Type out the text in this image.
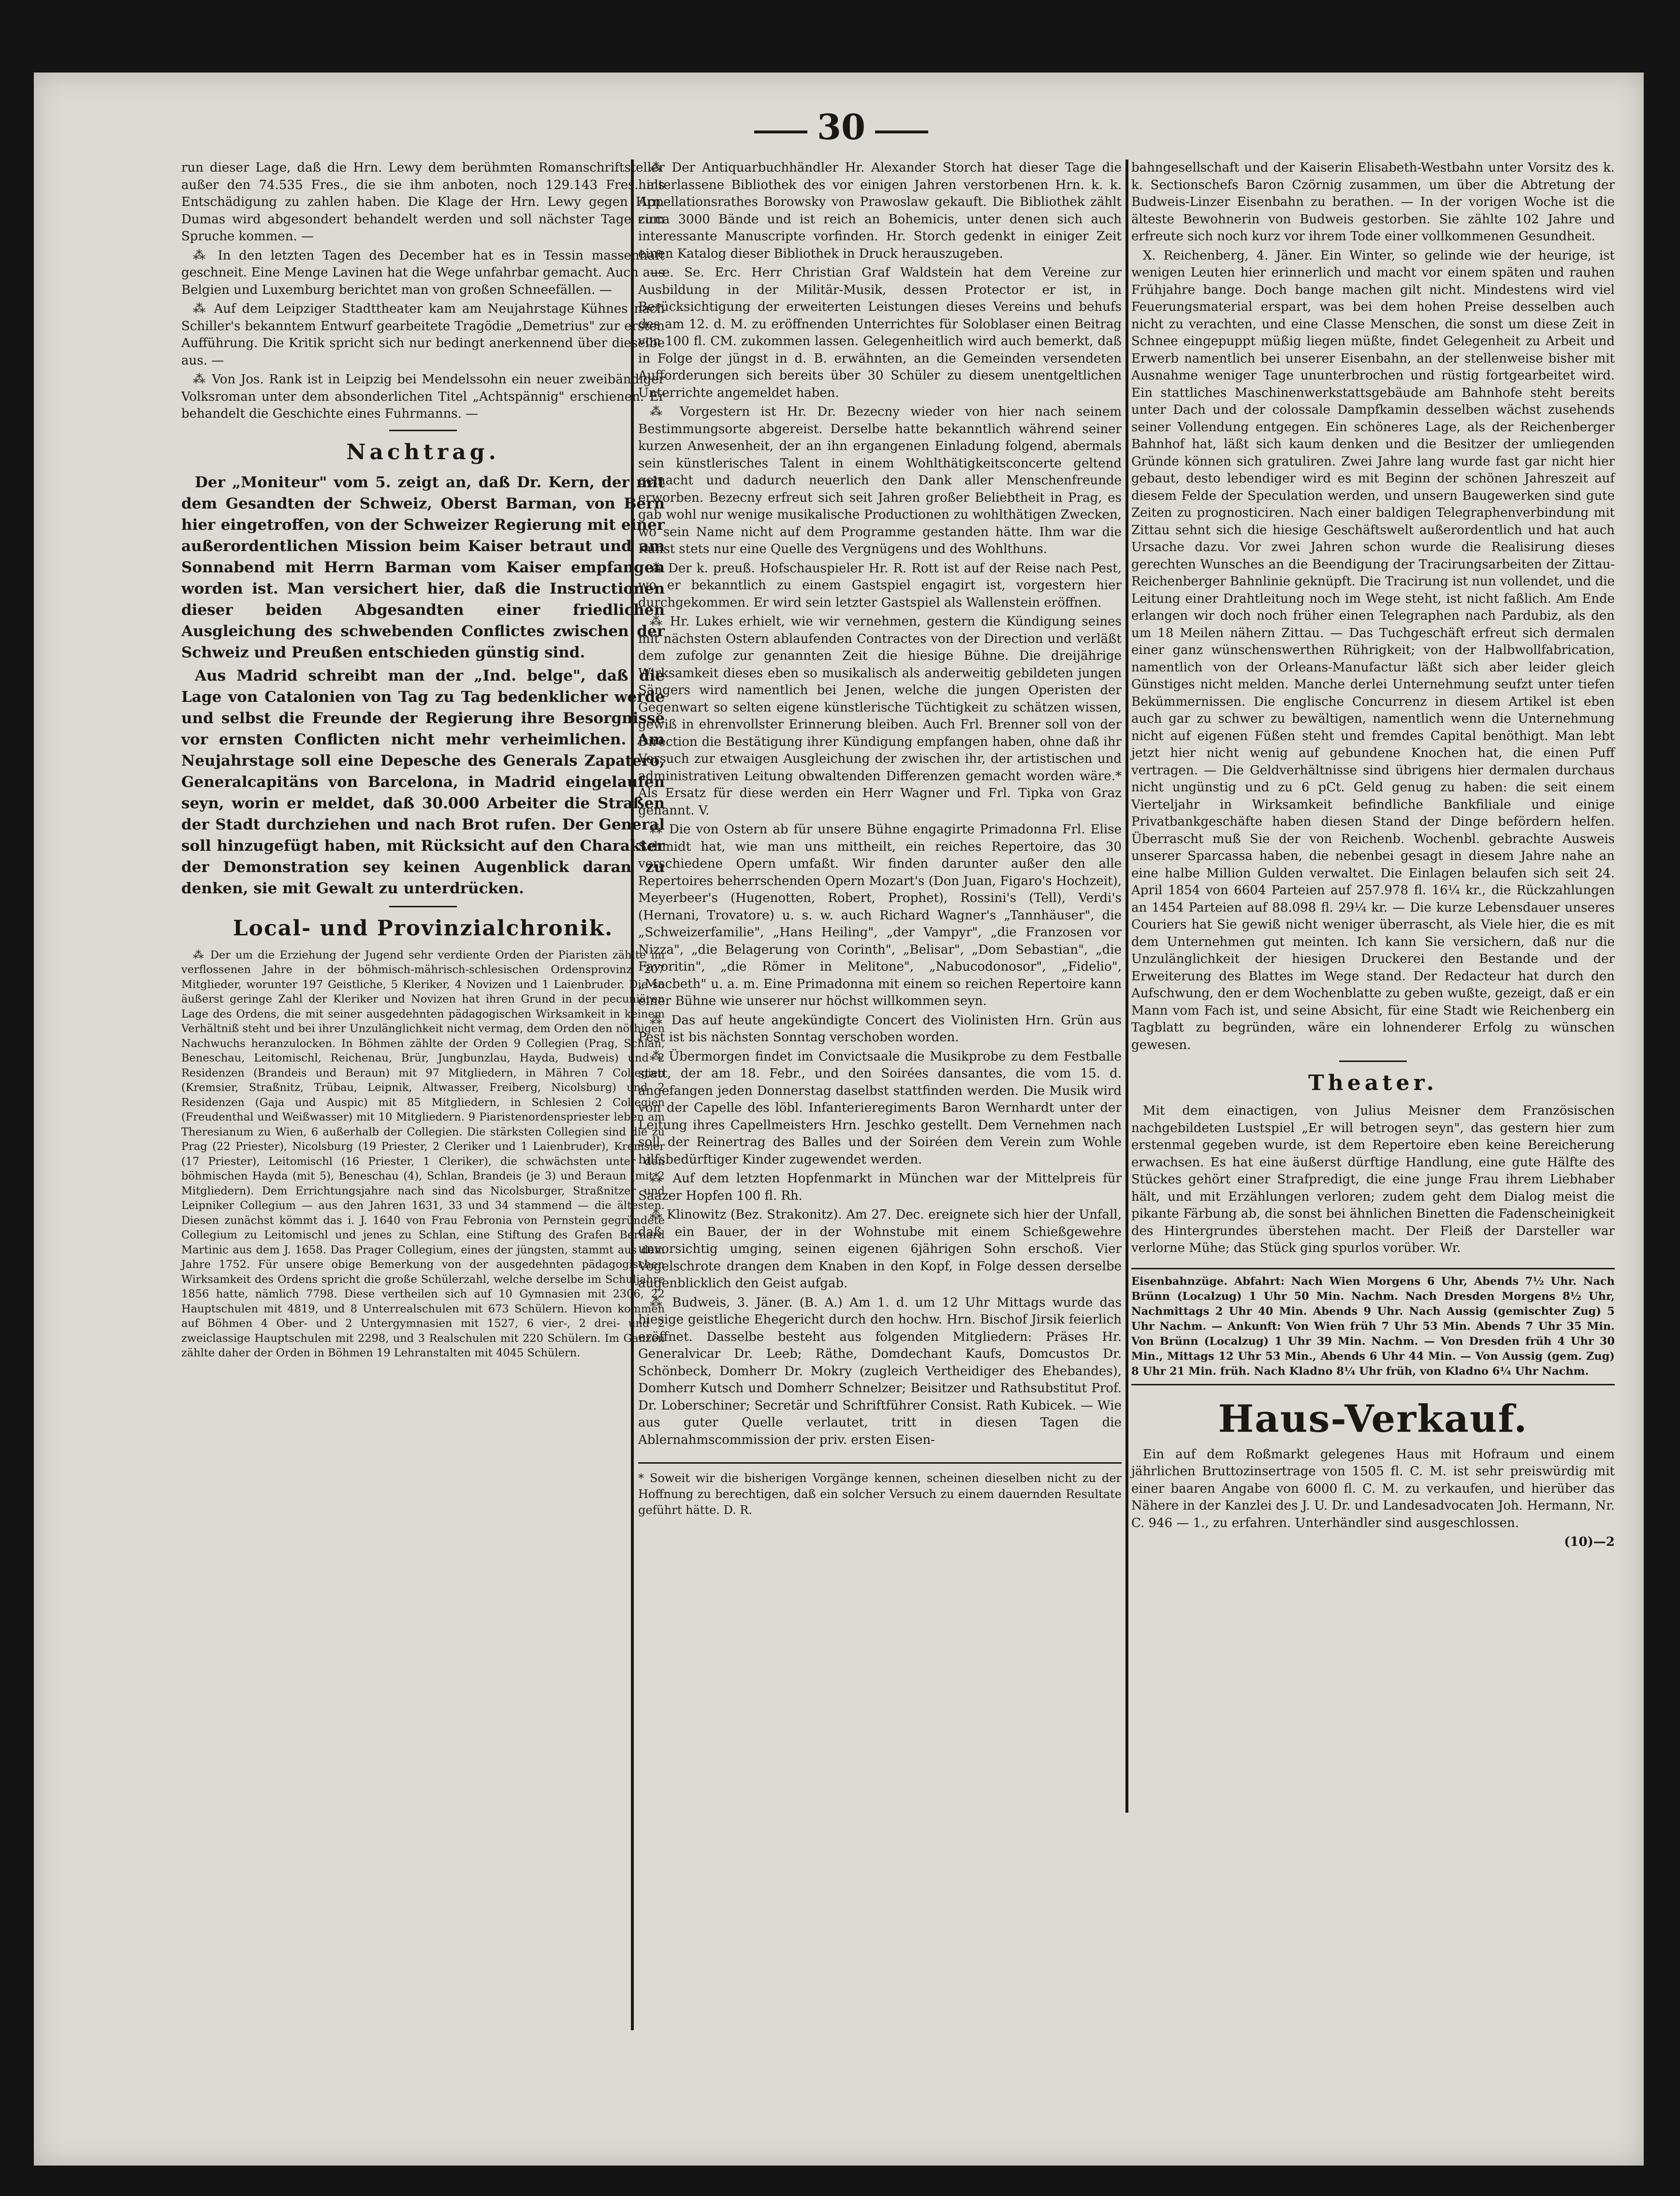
30

run dieser Lage, daß die Hrn. Lewy dem berühmten Romanschriftsteller außer den 74.535 Fres., die sie ihm anboten, noch 129.143 Fres. als Entschädigung zu zahlen haben. Die Klage der Hrn. Lewy gegen Hrn. Dumas wird abgesondert behandelt werden und soll nächster Tage zum Spruche kommen. —

⁂ In den letzten Tagen des December hat es in Tessin massenhaft geschneit. Eine Menge Lavinen hat die Wege unfahrbar gemacht. Auch aus Belgien und Luxemburg berichtet man von großen Schneefällen. —

⁂ Auf dem Leipziger Stadttheater kam am Neujahrstage Kühnes nach Schiller's bekanntem Entwurf gearbeitete Tragödie „Demetrius" zur ersten Aufführung. Die Kritik spricht sich nur bedingt anerkennend über dieselbe aus. —

⁂ Von Jos. Rank ist in Leipzig bei Mendelssohn ein neuer zweibändiger Volksroman unter dem absonderlichen Titel „Achtspännig" erschienen. Er behandelt die Geschichte eines Fuhrmanns. —

Nachtrag.

Der „Moniteur" vom 5. zeigt an, daß Dr. Kern, der mit dem Gesandten der Schweiz, Oberst Barman, von Bern hier eingetroffen, von der Schweizer Regierung mit einer außerordentlichen Mission beim Kaiser betraut und am Sonnabend mit Herrn Barman vom Kaiser empfangen worden ist. Man versichert hier, daß die Instructionen dieser beiden Abgesandten einer friedlichen Ausgleichung des schwebenden Conflictes zwischen der Schweiz und Preußen entschieden günstig sind.

Aus Madrid schreibt man der „Ind. belge", daß die Lage von Catalonien von Tag zu Tag bedenklicher werde und selbst die Freunde der Regierung ihre Besorgnisse vor ernsten Conflicten nicht mehr verheimlichen. Am Neujahrstage soll eine Depesche des Generals Zapatero, Generalcapitäns von Barcelona, in Madrid eingelaufen seyn, worin er meldet, daß 30.000 Arbeiter die Straßen der Stadt durchziehen und nach Brot rufen. Der General soll hinzugefügt haben, mit Rücksicht auf den Charakter der Demonstration sey keinen Augenblick daran zu denken, sie mit Gewalt zu unterdrücken.

Local- und Provinzialchronik.

⁂ Der um die Erziehung der Jugend sehr verdiente Orden der Piaristen zählte im verflossenen Jahre in der böhmisch-mährisch-schlesischen Ordensprovinz 207 Mitglieder, worunter 197 Geistliche, 5 Kleriker, 4 Novizen und 1 Laienbruder. Die so äußerst geringe Zahl der Kleriker und Novizen hat ihren Grund in der pecuniären Lage des Ordens, die mit seiner ausgedehnten pädagogischen Wirksamkeit in keinem Verhältniß steht und bei ihrer Unzulänglichkeit nicht vermag, dem Orden den nöthigen Nachwuchs heranzulocken. In Böhmen zählte der Orden 9 Collegien (Prag, Schlan, Beneschau, Leitomischl, Reichenau, Brür, Jungbunzlau, Hayda, Budweis) und 2 Residenzen (Brandeis und Beraun) mit 97 Mitgliedern, in Mähren 7 Collegien (Kremsier, Straßnitz, Trübau, Leipnik, Altwasser, Freiberg, Nicolsburg) und 2 Residenzen (Gaja und Auspic) mit 85 Mitgliedern, in Schlesien 2 Collegien (Freudenthal und Weißwasser) mit 10 Mitgliedern. 9 Piaristenordenspriester leben am Theresianum zu Wien, 6 außerhalb der Collegien. Die stärksten Collegien sind die zu Prag (22 Priester), Nicolsburg (19 Priester, 2 Cleriker und 1 Laienbruder), Kremsier (17 Priester), Leitomischl (16 Priester, 1 Cleriker), die schwächsten unter den böhmischen Hayda (mit 5), Beneschau (4), Schlan, Brandeis (je 3) und Beraun (mit 2 Mitgliedern). Dem Errichtungsjahre nach sind das Nicolsburger, Straßnitzer und Leipniker Collegium — aus den Jahren 1631, 33 und 34 stammend — die ältesten. Diesen zunächst kömmt das i. J. 1640 von Frau Febronia von Pernstein gegründete Collegium zu Leitomischl und jenes zu Schlan, eine Stiftung des Grafen Bernard Martinic aus dem J. 1658. Das Prager Collegium, eines der jüngsten, stammt aus dem Jahre 1752. Für unsere obige Bemerkung von der ausgedehnten pädagogischen Wirksamkeit des Ordens spricht die große Schülerzahl, welche derselbe im Schuljahre 1856 hatte, nämlich 7798. Diese vertheilen sich auf 10 Gymnasien mit 2306, 22 Hauptschulen mit 4819, und 8 Unterrealschulen mit 673 Schülern. Hievon kommen auf Böhmen 4 Ober- und 2 Untergymnasien mit 1527, 6 vier-, 2 drei- und 2 zweiclassige Hauptschulen mit 2298, und 3 Realschulen mit 220 Schülern. Im Ganzen zählte daher der Orden in Böhmen 19 Lehranstalten mit 4045 Schülern.

⁂ Der Antiquarbuchhändler Hr. Alexander Storch hat dieser Tage die hinterlassene Bibliothek des vor einigen Jahren verstorbenen Hrn. k. k. Appellationsrathes Borowsky von Prawoslaw gekauft. Die Bibliothek zählt circa 3000 Bände und ist reich an Bohemicis, unter denen sich auch interessante Manuscripte vorfinden. Hr. Storch gedenkt in einiger Zeit einen Katalog dieser Bibliothek in Druck herauszugeben.

—e. Se. Erc. Herr Christian Graf Waldstein hat dem Vereine zur Ausbildung in der Militär-Musik, dessen Protector er ist, in Berücksichtigung der erweiterten Leistungen dieses Vereins und behufs des am 12. d. M. zu eröffnenden Unterrichtes für Soloblaser einen Beitrag von 100 fl. CM. zukommen lassen. Gelegenheitlich wird auch bemerkt, daß in Folge der jüngst in d. B. erwähnten, an die Gemeinden versendeten Aufforderungen sich bereits über 30 Schüler zu diesem unentgeltlichen Unterrichte angemeldet haben.

⁂ Vorgestern ist Hr. Dr. Bezecny wieder von hier nach seinem Bestimmungsorte abgereist. Derselbe hatte bekanntlich während seiner kurzen Anwesenheit, der an ihn ergangenen Einladung folgend, abermals sein künstlerisches Talent in einem Wohlthätigkeitsconcerte geltend gemacht und dadurch neuerlich den Dank aller Menschenfreunde erworben. Bezecny erfreut sich seit Jahren großer Beliebtheit in Prag, es gab wohl nur wenige musikalische Productionen zu wohlthätigen Zwecken, wo sein Name nicht auf dem Programme gestanden hätte. Ihm war die Kunst stets nur eine Quelle des Vergnügens und des Wohlthuns.

⁂ Der k. preuß. Hofschauspieler Hr. R. Rott ist auf der Reise nach Pest, wo er bekanntlich zu einem Gastspiel engagirt ist, vorgestern hier durchgekommen. Er wird sein letzter Gastspiel als Wallenstein eröffnen.

⁂ Hr. Lukes erhielt, wie wir vernehmen, gestern die Kündigung seines mit nächsten Ostern ablaufenden Contractes von der Direction und verläßt dem zufolge zur genannten Zeit die hiesige Bühne. Die dreijährige Wirksamkeit dieses eben so musikalisch als anderweitig gebildeten jungen Sängers wird namentlich bei Jenen, welche die jungen Operisten der Gegenwart so selten eigene künstlerische Tüchtigkeit zu schätzen wissen, gewiß in ehrenvollster Erinnerung bleiben. Auch Frl. Brenner soll von der Direction die Bestätigung ihrer Kündigung empfangen haben, ohne daß ihr Versuch zur etwaigen Ausgleichung der zwischen ihr, der artistischen und administrativen Leitung obwaltenden Differenzen gemacht worden wäre.* Als Ersatz für diese werden ein Herr Wagner und Frl. Tipka von Graz genannt. V.

⁂ Die von Ostern ab für unsere Bühne engagirte Primadonna Frl. Elise Schmidt hat, wie man uns mittheilt, ein reiches Repertoire, das 30 verschiedene Opern umfaßt. Wir finden darunter außer den alle Repertoires beherrschenden Opern Mozart's (Don Juan, Figaro's Hochzeit), Meyerbeer's (Hugenotten, Robert, Prophet), Rossini's (Tell), Verdi's (Hernani, Trovatore) u. s. w. auch Richard Wagner's „Tannhäuser", die „Schweizerfamilie", „Hans Heiling", „der Vampyr", „die Franzosen vor Nizza", „die Belagerung von Corinth", „Belisar", „Dom Sebastian", „die Favoritin", „die Römer in Melitone", „Nabucodonosor", „Fidelio", „Macbeth" u. a. m. Eine Primadonna mit einem so reichen Repertoire kann einer Bühne wie unserer nur höchst willkommen seyn.

⁂ Das auf heute angekündigte Concert des Violinisten Hrn. Grün aus Pest ist bis nächsten Sonntag verschoben worden.

⁂ Übermorgen findet im Convictsaale die Musikprobe zu dem Festballe statt, der am 18. Febr., und den Soirées dansantes, die vom 15. d. angefangen jeden Donnerstag daselbst stattfinden werden. Die Musik wird von der Capelle des löbl. Infanterieregiments Baron Wernhardt unter der Leitung ihres Capellmeisters Hrn. Jeschko gestellt. Dem Vernehmen nach soll der Reinertrag des Balles und der Soiréen dem Verein zum Wohle hilfsbedürftiger Kinder zugewendet werden.

⁂ Auf dem letzten Hopfenmarkt in München war der Mittelpreis für Saazer Hopfen 100 fl. Rh.

⁂ Klinowitz (Bez. Strakonitz). Am 27. Dec. ereignete sich hier der Unfall, daß ein Bauer, der in der Wohnstube mit einem Schießgewehre unvorsichtig umging, seinen eigenen 6jährigen Sohn erschoß. Vier Vogelschrote drangen dem Knaben in den Kopf, in Folge dessen derselbe augenblicklich den Geist aufgab.

⁂ Budweis, 3. Jäner. (B. A.) Am 1. d. um 12 Uhr Mittags wurde das hiesige geistliche Ehegericht durch den hochw. Hrn. Bischof Jirsik feierlich eröffnet. Dasselbe besteht aus folgenden Mitgliedern: Präses Hr. Generalvicar Dr. Leeb; Räthe, Domdechant Kaufs, Domcustos Dr. Schönbeck, Domherr Dr. Mokry (zugleich Vertheidiger des Ehebandes), Domherr Kutsch und Domherr Schnelzer; Beisitzer und Rathsubstitut Prof. Dr. Loberschiner; Secretär und Schriftführer Consist. Rath Kubicek. — Wie aus guter Quelle verlautet, tritt in diesen Tagen die Ablernahmscommission der priv. ersten Eisen-

* Soweit wir die bisherigen Vorgänge kennen, scheinen dieselben nicht zu der Hoffnung zu berechtigen, daß ein solcher Versuch zu einem dauernden Resultate geführt hätte. D. R.

bahngesellschaft und der Kaiserin Elisabeth-Westbahn unter Vorsitz des k. k. Sectionschefs Baron Czörnig zusammen, um über die Abtretung der Budweis-Linzer Eisenbahn zu berathen. — In der vorigen Woche ist die älteste Bewohnerin von Budweis gestorben. Sie zählte 102 Jahre und erfreute sich noch kurz vor ihrem Tode einer vollkommenen Gesundheit.

X. Reichenberg, 4. Jäner. Ein Winter, so gelinde wie der heurige, ist wenigen Leuten hier erinnerlich und macht vor einem späten und rauhen Frühjahre bange. Doch bange machen gilt nicht. Mindestens wird viel Feuerungsmaterial erspart, was bei dem hohen Preise desselben auch nicht zu verachten, und eine Classe Menschen, die sonst um diese Zeit in Schnee eingepuppt müßig liegen müßte, findet Gelegenheit zu Arbeit und Erwerb namentlich bei unserer Eisenbahn, an der stellenweise bisher mit Ausnahme weniger Tage ununterbrochen und rüstig fortgearbeitet wird. Ein stattliches Maschinenwerkstattsgebäude am Bahnhofe steht bereits unter Dach und der colossale Dampfkamin desselben wächst zusehends seiner Vollendung entgegen. Ein schöneres Lage, als der Reichenberger Bahnhof hat, läßt sich kaum denken und die Besitzer der umliegenden Gründe können sich gratuliren. Zwei Jahre lang wurde fast gar nicht hier gebaut, desto lebendiger wird es mit Beginn der schönen Jahreszeit auf diesem Felde der Speculation werden, und unsern Baugewerken sind gute Zeiten zu prognosticiren. Nach einer baldigen Telegraphenverbindung mit Zittau sehnt sich die hiesige Geschäftswelt außerordentlich und hat auch Ursache dazu. Vor zwei Jahren schon wurde die Realisirung dieses gerechten Wunsches an die Beendigung der Tracirungsarbeiten der Zittau-Reichenberger Bahnlinie geknüpft. Die Tracirung ist nun vollendet, und die Leitung einer Drahtleitung noch im Wege steht, ist nicht faßlich. Am Ende erlangen wir doch noch früher einen Telegraphen nach Pardubiz, als den um 18 Meilen nähern Zittau. — Das Tuchgeschäft erfreut sich dermalen einer ganz wünschenswerthen Rührigkeit; von der Halbwollfabrication, namentlich von der Orleans-Manufactur läßt sich aber leider gleich Günstiges nicht melden. Manche derlei Unternehmung seufzt unter tiefen Bekümmernissen. Die englische Concurrenz in diesem Artikel ist eben auch gar zu schwer zu bewältigen, namentlich wenn die Unternehmung nicht auf eigenen Füßen steht und fremdes Capital benöthigt. Man lebt jetzt hier nicht wenig auf gebundene Knochen hat, die einen Puff vertragen. — Die Geldverhältnisse sind übrigens hier dermalen durchaus nicht ungünstig und zu 6 pCt. Geld genug zu haben: die seit einem Vierteljahr in Wirksamkeit befindliche Bankfiliale und einige Privatbankgeschäfte haben diesen Stand der Dinge befördern helfen. Überrascht muß Sie der von Reichenb. Wochenbl. gebrachte Ausweis unserer Sparcassa haben, die nebenbei gesagt in diesem Jahre nahe an eine halbe Million Gulden verwaltet. Die Einlagen belaufen sich seit 24. April 1854 von 6604 Parteien auf 257.978 fl. 16¼ kr., die Rückzahlungen an 1454 Parteien auf 88.098 fl. 29¼ kr. — Die kurze Lebensdauer unseres Couriers hat Sie gewiß nicht weniger überrascht, als Viele hier, die es mit dem Unternehmen gut meinten. Ich kann Sie versichern, daß nur die Unzulänglichkeit der hiesigen Druckerei den Bestande und der Erweiterung des Blattes im Wege stand. Der Redacteur hat durch den Aufschwung, den er dem Wochenblatte zu geben wußte, gezeigt, daß er ein Mann vom Fach ist, und seine Absicht, für eine Stadt wie Reichenberg ein Tagblatt zu begründen, wäre ein lohnenderer Erfolg zu wünschen gewesen.

Theater.

Mit dem einactigen, von Julius Meisner dem Französischen nachgebildeten Lustspiel „Er will betrogen seyn", das gestern hier zum erstenmal gegeben wurde, ist dem Repertoire eben keine Bereicherung erwachsen. Es hat eine äußerst dürftige Handlung, eine gute Hälfte des Stückes gehört einer Strafpredigt, die eine junge Frau ihrem Liebhaber hält, und mit Erzählungen verloren; zudem geht dem Dialog meist die pikante Färbung ab, die sonst bei ähnlichen Binetten die Fadenscheinigkeit des Hintergrundes überstehen macht. Der Fleiß der Darsteller war verlorne Mühe; das Stück ging spurlos vorüber. Wr.

Eisenbahnzüge. Abfahrt: Nach Wien Morgens 6 Uhr, Abends 7½ Uhr. Nach Brünn (Localzug) 1 Uhr 50 Min. Nachm. Nach Dresden Morgens 8½ Uhr, Nachmittags 2 Uhr 40 Min. Abends 9 Uhr. Nach Aussig (gemischter Zug) 5 Uhr Nachm. — Ankunft: Von Wien früh 7 Uhr 53 Min. Abends 7 Uhr 35 Min. Von Brünn (Localzug) 1 Uhr 39 Min. Nachm. — Von Dresden früh 4 Uhr 30 Min., Mittags 12 Uhr 53 Min., Abends 6 Uhr 44 Min. — Von Aussig (gem. Zug) 8 Uhr 21 Min. früh. Nach Kladno 8¼ Uhr früh, von Kladno 6¼ Uhr Nachm.
Haus-Verkauf.

Ein auf dem Roßmarkt gelegenes Haus mit Hofraum und einem jährlichen Bruttozinsertrage von 1505 fl. C. M. ist sehr preiswürdig mit einer baaren Angabe von 6000 fl. C. M. zu verkaufen, und hierüber das Nähere in der Kanzlei des J. U. Dr. und Landesadvocaten Joh. Hermann, Nr. C. 946 — 1., zu erfahren. Unterhändler sind ausgeschlossen.

(10)—2
